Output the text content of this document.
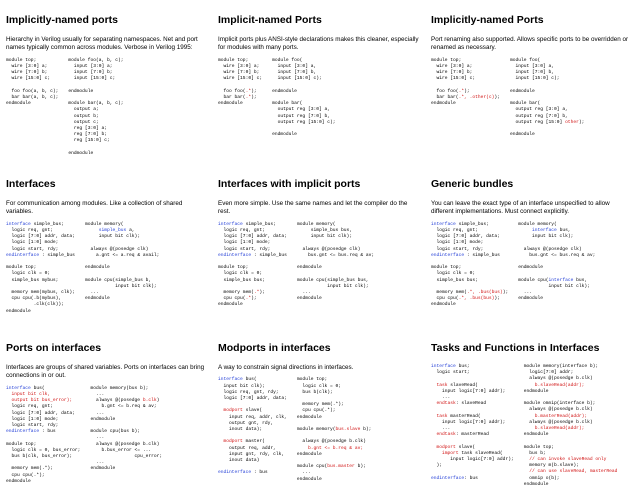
Implicitly-named ports
Hierarchy in Verilog usually for separating namespaces. Net and port names typically common across modules. Verbose in Verilog 1995:
module top;
wire [3:0] a;
wire [7:0] b;
wire [15:0] c;

foo foo(a, b, c);
bar bar(a, b, c);
endmodule

module foo(a, b, c);
input [3:0] a;
input [7:0] b;
input [15:0] c;

endmodule

module bar(a, b, c);
output a;
output b;
output c;
reg [3:0] a;
reg [7:0] b;
reg [15:0] c;

endmodule

Implicit-named Ports
Implicit ports plus ANSI-style declarations makes this cleaner, especially for modules with many ports.
module top;
wire [3:0] a;
wire [7:0] b;
wire [15:0] c;

foo foo(.*);
bar bar(.*);
endmodule

module foo(
input [3:0] a,
input [7:0] b,
input [15:0] c);

endmodule

module bar(
output reg [3:0] a,
output reg [7:0] b,
output reg [15:0] c);

endmodule

Implicitly-named Ports
Port renaming also supported. Allows specific ports to be overridden or renamed as necessary.
module top;
wire [3:0] a;
wire [7:0] b;
wire [15:0] c;

foo foo(.*);
bar bar(.*, .other(c));
endmodule

module foo(
input [3:0] a,
input [7:0] b,
input [15:0] c);

endmodule

module bar(
output reg [3:0] a,
output reg [7:0] b,
output reg [15:0] other);

endmodule

Interfaces
For communication among modules. Like a collection of shared variables.
interface simple_bus;
logic req, gnt;
logic [7:0] addr, data;
logic [1:0] mode;
logic start, rdy;
endinterface : simple_bus

module top;
logic clk = 0;
simple_bus mybus;

memory mem(mybus, clk);
cpu cpu(.b(mybus),
.clk(clk));
endmodule

module memory(
simple_bus a,
input bit clk);

always @(posedge clk)
a.gnt <= a.req & avail;

endmodule

module cpu(simple_bus b,
input bit clk);
...
endmodule

Interfaces with implicit ports
Even more simple. Use the same names and let the compiler do the rest.
interface simple_bus;
logic req, gnt;
logic [7:0] addr, data;
logic [1:0] mode;
logic start, rdy;
endinterface : simple_bus

module top;
logic clk = 0;
simple_bus bus;

memory mem(.*);
cpu cpu(.*);
endmodule

module memory(
simple_bus bus,
input bit clk);

always @(posedge clk)
bus.gnt <= bus.req & av;

endmodule

module cpu(simple_bus bus,
input bit clk);
...
endmodule

Generic bundles
You can leave the exact type of an interface unspecified to allow different implementations. Must connect explicitly.
interface simple_bus;
logic req, gnt;
logic [7:0] addr, data;
logic [1:0] mode;
logic start, rdy;
endinterface : simple_bus

module top;
logic clk = 0;
simple_bus bus;

memory mem(.*, .bus(bus));
cpu cpu(.*, .bus(bus));
endmodule

module memory(
interface bus,
input bit clk);

always @(posedge clk)
bus.gnt <= bus.req & av;

endmodule

module cpu(interface bus,
input bit clk);
...
endmodule

Ports on interfaces
Interfaces are groups of shared variables. Ports on interfaces can bring connections in or out.
interface bus(
input bit clk,
output bit bus_error);
logic req, gnt;
logic [7:0] addr, data;
logic [1:0] mode;
logic start, rdy;
endinterface : bus

module top;
logic clk = 0, bus_error;
bus b(clk, bus_error);

memory mem(.*);
cpu cpu(.*);
endmodule

module memory(bus b);
...
always @(posedge b.clk)
b.gnt <= b.req & av;
...
endmodule

module cpu(bus b);
...
always @(posedge b.clk)
b.bus_error <= ...
cpu_error;
...
endmodule

Modports in interfaces
A way to constrain signal directions in interfaces.
interface bus(
input bit clk);
logic req, gnt, rdy;
logic [7:0] addr, data;

modport slave(
input req, addr, clk,
output gnt, rdy,
inout data);

modport master(
output req, addr,
input gnt, rdy, clk,
inout data)

endinterface : bus

module top;
logic clk = 0;
bus b(clk);

memory mem(.*);
cpu cpu(.*);
endmodule

module memory(bus.slave b);

always @(posedge b.clk)
b.gnt <= b.req & av;
endmodule

module cpu(bus.master b);
...
endmodule

Tasks and Functions in Interfaces
interface bus;
logic start;

task slaveRead(
input logic[7:0] addr);
...
endtask: slaveRead

task masterRead(
input logic[7:0] addr);
...
endtask: masterRead

modport slave(
import task slaveRead(
input logic[7:0] addr);
);

endinterface: bus

module memory(interface b);
logic[7:0] addr;
always @(posedge b.clk)
b.slaveRead(addr);
endmodule

module omnip(interface b);
always @(posedge b.clk)
b.masterRead(addr);
always @(posedge b.clk)
b.slaveRead(addr);
endmodule

module top;
bus b;
// can invoke slaveRead only
memory m(b.slave);
// can use slaveRead, masterRead
omnip o(b);
endmodule
